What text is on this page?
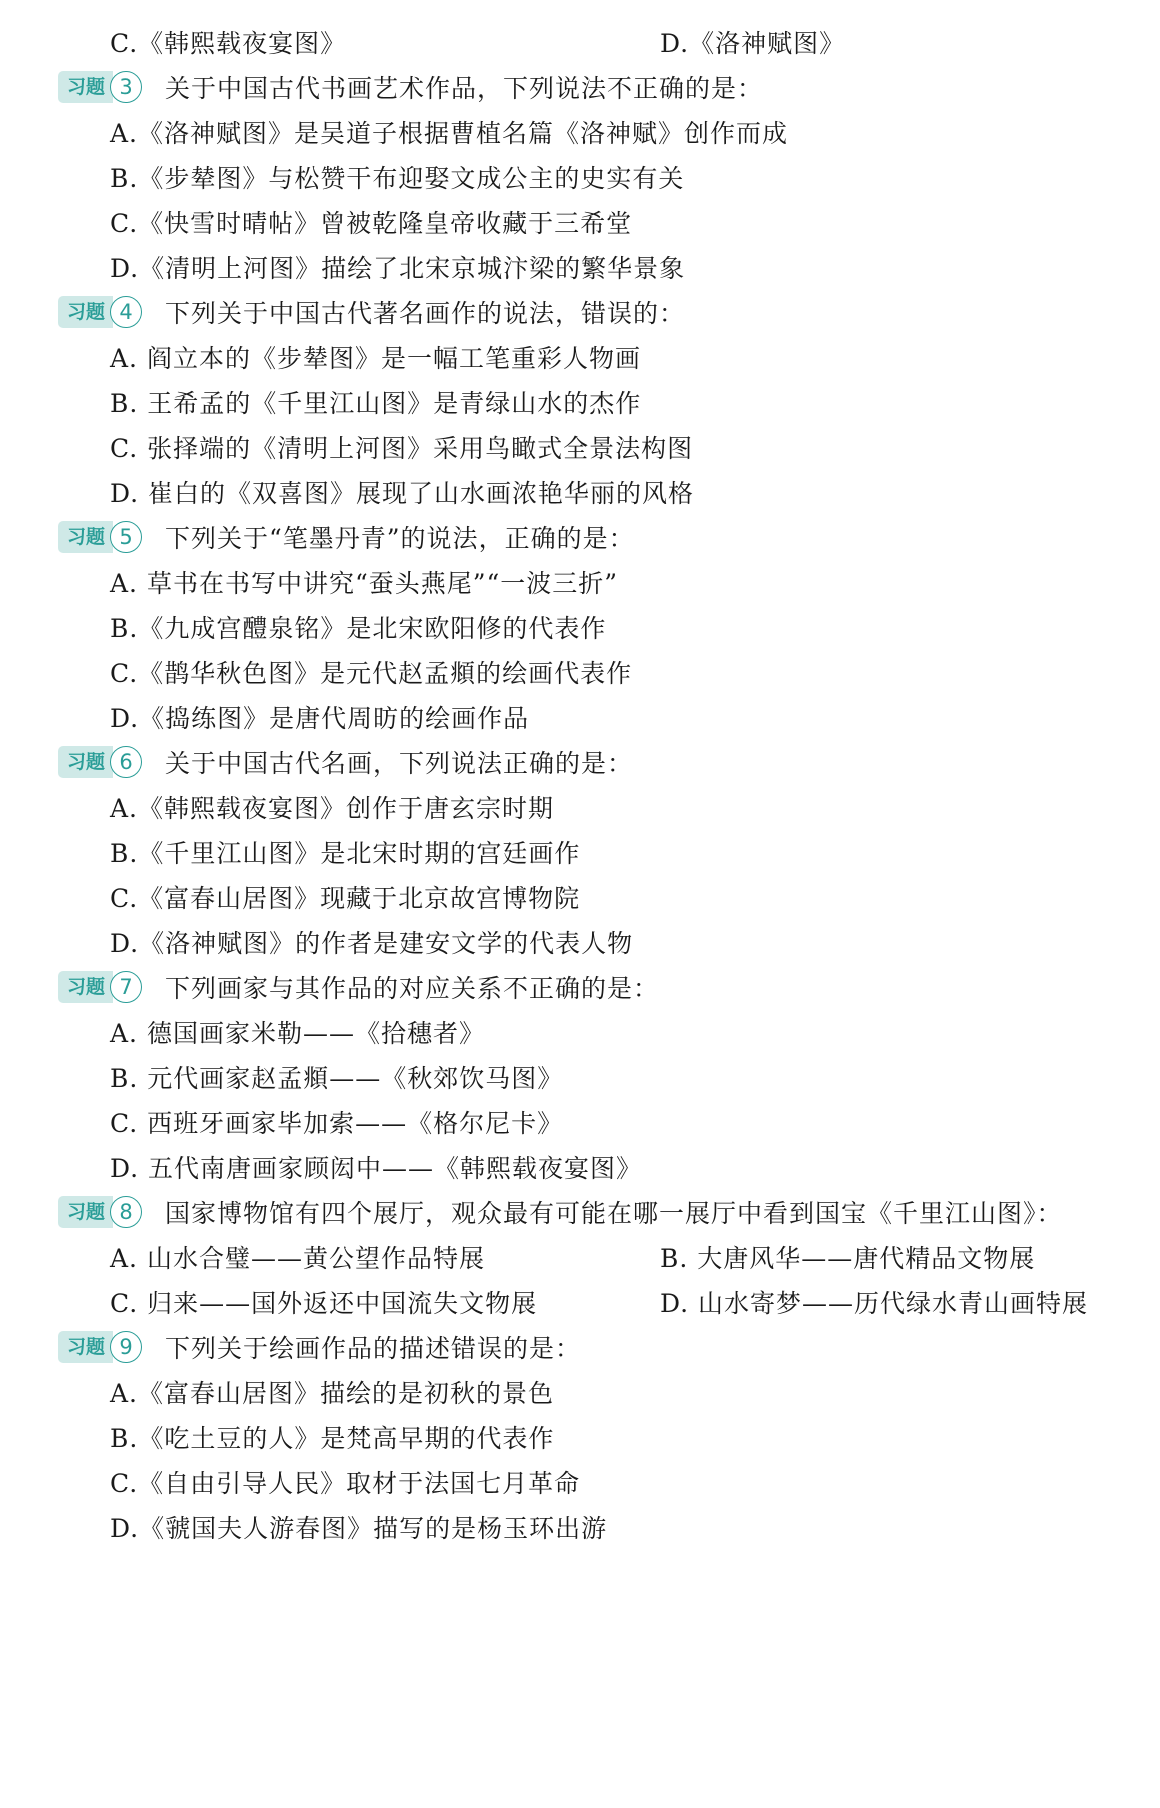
C.《韩熙载夜宴图》	D.《洛神赋图》
习题 3	关于中国古代书画艺术作品，下列说法不正确的是：
A.《洛神赋图》是吴道子根据曹植名篇《洛神赋》创作而成
B.《步辇图》与松赞干布迎娶文成公主的史实有关
C.《快雪时晴帖》曾被乾隆皇帝收藏于三希堂
D.《清明上河图》描绘了北宋京城汴梁的繁华景象
习题 4	下列关于中国古代著名画作的说法，错误的：
A. 阎立本的《步辇图》是一幅工笔重彩人物画
B. 王希孟的《千里江山图》是青绿山水的杰作
C. 张择端的《清明上河图》采用鸟瞰式全景法构图
D. 崔白的《双喜图》展现了山水画浓艳华丽的风格
习题 5	下列关于“笔墨丹青”的说法，正确的是：
A. 草书在书写中讲究“蚕头燕尾”“一波三折”
B.《九成宫醴泉铭》是北宋欧阳修的代表作
C.《鹊华秋色图》是元代赵孟頫的绘画代表作
D.《捣练图》是唐代周昉的绘画作品
习题 6	关于中国古代名画，下列说法正确的是：
A.《韩熙载夜宴图》创作于唐玄宗时期
B.《千里江山图》是北宋时期的宫廷画作
C.《富春山居图》现藏于北京故宫博物院
D.《洛神赋图》的作者是建安文学的代表人物
习题 7	下列画家与其作品的对应关系不正确的是：
A. 德国画家米勒——《拾穗者》
B. 元代画家赵孟頫——《秋郊饮马图》
C. 西班牙画家毕加索——《格尔尼卡》
D. 五代南唐画家顾闳中——《韩熙载夜宴图》
习题 8	国家博物馆有四个展厅，观众最有可能在哪一展厅中看到国宝《千里江山图》：
A. 山水合璧——黄公望作品特展	B. 大唐风华——唐代精品文物展
C. 归来——国外返还中国流失文物展	D. 山水寄梦——历代绿水青山画特展
习题 9	下列关于绘画作品的描述错误的是：
A.《富春山居图》描绘的是初秋的景色
B.《吃土豆的人》是梵高早期的代表作
C.《自由引导人民》取材于法国七月革命
D.《虢国夫人游春图》描写的是杨玉环出游
